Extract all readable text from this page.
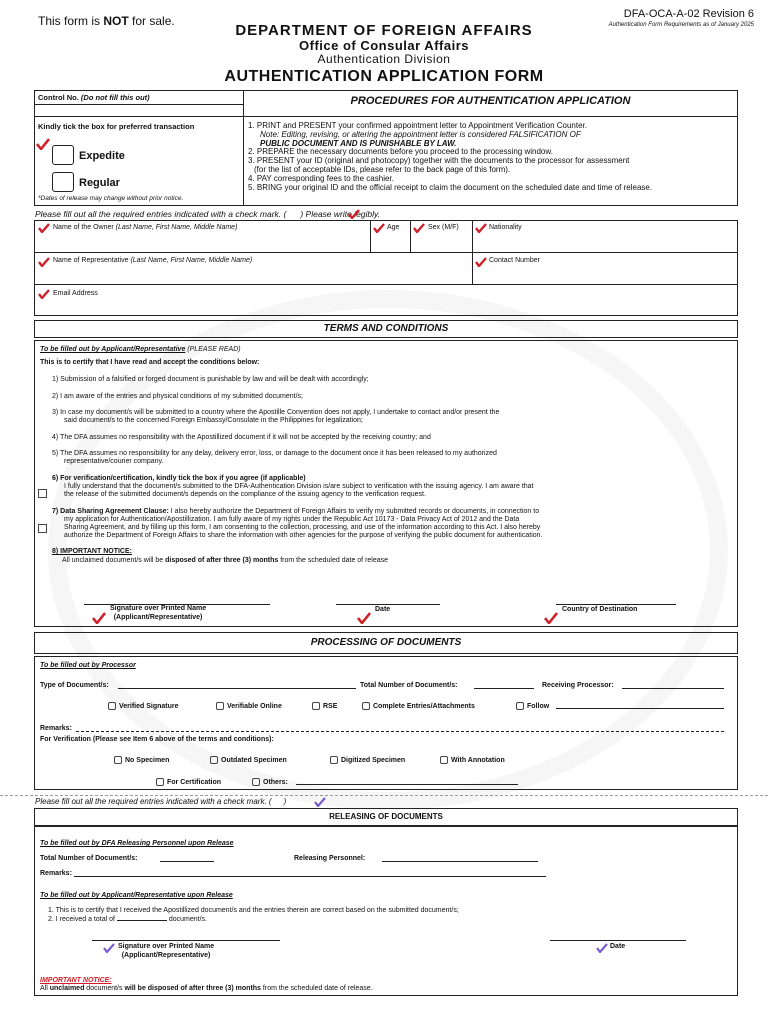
This form is NOT for sale.	DFA-OCA-A-02 Revision 6
Authentication Form Requirements as of January 2025
DEPARTMENT OF FOREIGN AFFAIRS
Office of Consular Affairs
Authentication Division
AUTHENTICATION APPLICATION FORM
Control No. (Do not fill this out)	PROCEDURES FOR AUTHENTICATION APPLICATION
Kindly tick the box for preferred transaction
Expedite
Regular
*Dates of release may change without prior notice.
1. PRINT and PRESENT your confirmed appointment letter to Appointment Verification Counter.
Note: Editing, revising, or altering the appointment letter is considered FALSIFICATION OF
PUBLIC DOCUMENT AND IS PUNISHABLE BY LAW.
2. PREPARE the necessary documents before you proceed to the processing window.
3. PRESENT your ID (original and photocopy) together with the documents to the processor for assessment
(for the list of acceptable IDs, please refer to the back page of this form).
4. PAY corresponding fees to the cashier.
5. BRING your original ID and the official receipt to claim the document on the scheduled date and time of release.
Please fill out all the required entries indicated with a check mark. ( ) Please write legibly.
Name of the Owner (Last Name, First Name, Middle Name)	Age	Sex (M/F)	Nationality
Name of Representative (Last Name, First Name, Middle Name)	Contact Number
Email Address
TERMS AND CONDITIONS
To be filled out by Applicant/Representative (PLEASE READ)
This is to certify that I have read and accept the conditions below:
1) Submission of a falsified or forged document is punishable by law and will be dealt with accordingly;
2) I am aware of the entries and physical conditions of my submitted document/s;
3) In case my document/s will be submitted to a country where the Apostille Convention does not apply, I undertake to contact and/or present the
said document/s to the concerned Foreign Embassy/Consulate in the Philippines for legalization;
4) The DFA assumes no responsibility with the Apostillized document if it will not be accepted by the receiving country; and
5) The DFA assumes no responsibility for any delay, delivery error, loss, or damage to the document once it has been released to my authorized
representative/courier company.
6) For verification/certification, kindly tick the box if you agree (if applicable)
I fully understand that the document/s submitted to the DFA-Authentication Division is/are subject to verification with the issuing agency. I am aware that
the release of the submitted document/s depends on the compliance of the issuing agency to the verification request.
7) Data Sharing Agreement Clause: I also hereby authorize the Department of Foreign Affairs to verify my submitted records or documents, in connection to
my application for Authentication/Apostillization. I am fully aware of my rights under the Republic Act 10173 - Data Privacy Act of 2012 and the Data
Sharing Agreement, and by filling up this form, I am consenting to the collection, processing, and use of the information according to this Act. I also hereby
authorize the Department of Foreign Affairs to share the information with other agencies for the purpose of verifying the public document for authentication.
8) IMPORTANT NOTICE:
All unclaimed document/s will be disposed of after three (3) months from the scheduled date of release
Signature over Printed Name
(Applicant/Representative)
Date	Country of Destination
PROCESSING OF DOCUMENTS
To be filled out by Processor
Type of Document/s:	Total Number of Document/s:	Receiving Processor:
Verified Signature	Verifiable Online	RSE	Complete Entries/Attachments	Follow
Remarks:
For Verification (Please see Item 6 above of the terms and conditions):
No Specimen	Outdated Specimen	Digitized Specimen	With Annotation
For Certification	Others:
Please fill out all the required entries indicated with a check mark. ( )
RELEASING OF DOCUMENTS
To be filled out by DFA Releasing Personnel upon Release
Total Number of Document/s:	Releasing Personnel:
Remarks:
To be filled out by Applicant/Representative upon Release
1. This is to certify that I received the Apostillized document/s and the entries therein are correct based on the submitted document/s;
2. I received a total of	document/s.
Signature over Printed Name
(Applicant/Representative)
Date
IMPORTANT NOTICE:
All unclaimed document/s will be disposed of after three (3) months from the scheduled date of release.
